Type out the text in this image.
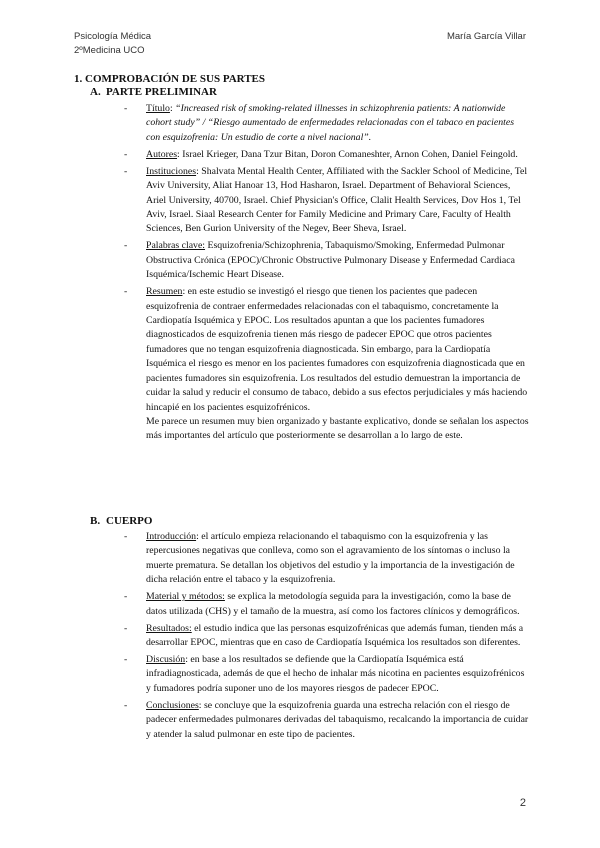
Psicología Médica
2ºMedicina UCO
María García Villar
1. COMPROBACIÓN DE SUS PARTES
A. PARTE PRELIMINAR
- Título: “Increased risk of smoking-related illnesses in schizophrenia patients: A nationwide cohort study” / “Riesgo aumentado de enfermedades relacionadas con el tabaco en pacientes con esquizofrenia: Un estudio de corte a nivel nacional”.
- Autores: Israel Krieger, Dana Tzur Bitan, Doron Comaneshter, Arnon Cohen, Daniel Feingold.
- Instituciones: Shalvata Mental Health Center, Affiliated with the Sackler School of Medicine, Tel Aviv University, Aliat Hanoar 13, Hod Hasharon, Israel. Department of Behavioral Sciences, Ariel University, 40700, Israel. Chief Physician's Office, Clalit Health Services, Dov Hos 1, Tel Aviv, Israel. Siaal Research Center for Family Medicine and Primary Care, Faculty of Health Sciences, Ben Gurion University of the Negev, Beer Sheva, Israel.
- Palabras clave: Esquizofrenia/Schizophrenia, Tabaquismo/Smoking, Enfermedad Pulmonar Obstructiva Crónica (EPOC)/Chronic Obstructive Pulmonary Disease y Enfermedad Cardiaca Isquémica/Ischemic Heart Disease.
- Resumen: en este estudio se investigó el riesgo que tienen los pacientes que padecen esquizofrenia de contraer enfermedades relacionadas con el tabaquismo, concretamente la Cardiopatía Isquémica y EPOC. Los resultados apuntan a que los pacientes fumadores diagnosticados de esquizofrenia tienen más riesgo de padecer EPOC que otros pacientes fumadores que no tengan esquizofrenia diagnosticada. Sin embargo, para la Cardiopatía Isquémica el riesgo es menor en los pacientes fumadores con esquizofrenia diagnosticada que en pacientes fumadores sin esquizofrenia. Los resultados del estudio demuestran la importancia de cuidar la salud y reducir el consumo de tabaco, debido a sus efectos perjudiciales y más haciendo hincapié en los pacientes esquizofrénicos.
Me parece un resumen muy bien organizado y bastante explicativo, donde se señalan los aspectos más importantes del artículo que posteriormente se desarrollan a lo largo de este.
B. CUERPO
- Introducción: el artículo empieza relacionando el tabaquismo con la esquizofrenia y las repercusiones negativas que conlleva, como son el agravamiento de los síntomas o incluso la muerte prematura. Se detallan los objetivos del estudio y la importancia de la investigación de dicha relación entre el tabaco y la esquizofrenia.
- Material y métodos: se explica la metodología seguida para la investigación, como la base de datos utilizada (CHS) y el tamaño de la muestra, así como los factores clínicos y demográficos.
- Resultados: el estudio indica que las personas esquizofrénicas que además fuman, tienden más a desarrollar EPOC, mientras que en caso de Cardiopatía Isquémica los resultados son diferentes.
- Discusión: en base a los resultados se defiende que la Cardiopatía Isquémica está infradiagnosticada, además de que el hecho de inhalar más nicotina en pacientes esquizofrénicos y fumadores podría suponer uno de los mayores riesgos de padecer EPOC.
- Conclusiones: se concluye que la esquizofrenia guarda una estrecha relación con el riesgo de padecer enfermedades pulmonares derivadas del tabaquismo, recalcando la importancia de cuidar y atender la salud pulmonar en este tipo de pacientes.
2
